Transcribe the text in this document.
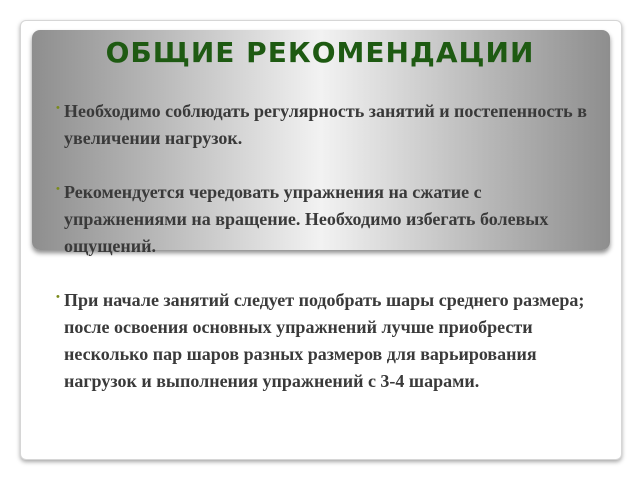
ОБЩИЕ РЕКОМЕНДАЦИИ
• Необходимо соблюдать регулярность занятий и постепенность в увеличении нагрузок.
• Рекомендуется чередовать упражнения на сжатие с упражнениями на вращение. Необходимо избегать болевых ощущений.
• При начале занятий следует подобрать шары среднего размера; после освоения основных упражнений лучше приобрести несколько пар шаров разных размеров для варьирования нагрузок и выполнения упражнений с 3-4 шарами.
